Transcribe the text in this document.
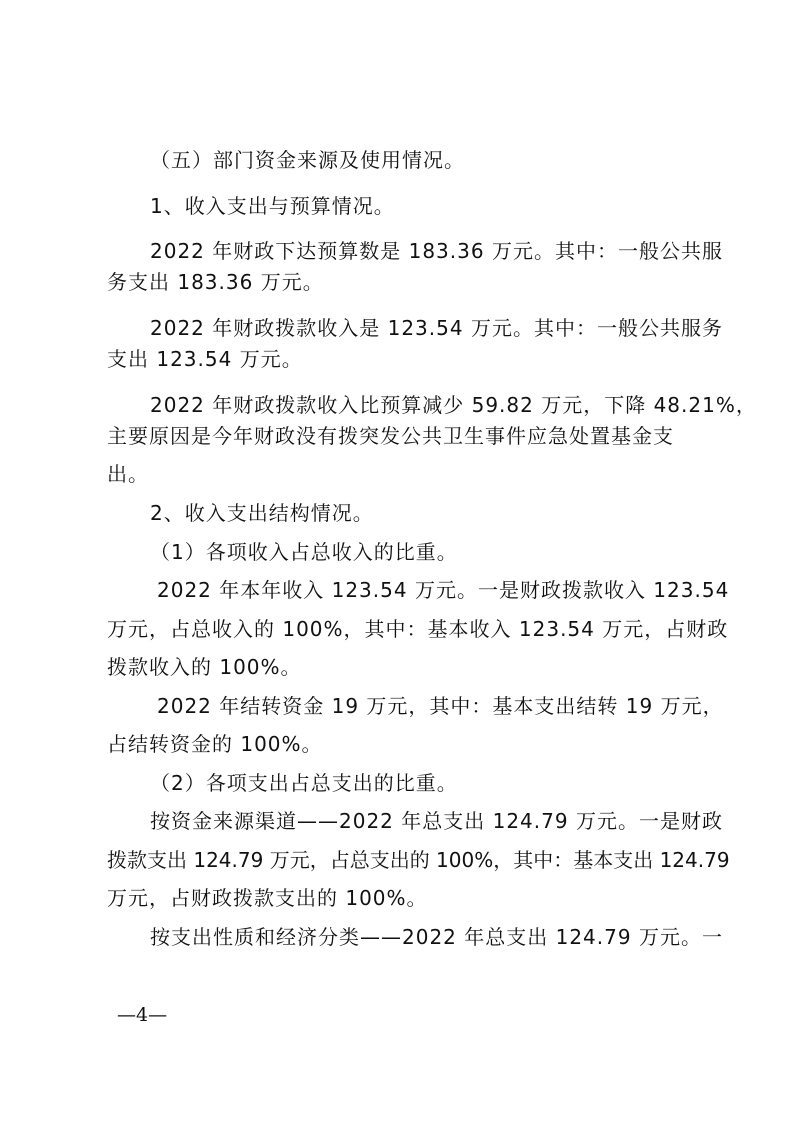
（五）部门资金来源及使用情况。
1、收入支出与预算情况。
2022 年财政下达预算数是 183.36 万元。其中：一般公共服
务支出 183.36 万元。
2022 年财政拨款收入是 123.54 万元。其中：一般公共服务
支出 123.54 万元。
2022 年财政拨款收入比预算减少 59.82 万元，下降 48.21%，
主要原因是今年财政没有拨突发公共卫生事件应急处置基金支
出。
2、收入支出结构情况。
（1）各项收入占总收入的比重。
2022 年本年收入 123.54 万元。一是财政拨款收入 123.54
万元，占总收入的 100%，其中：基本收入 123.54 万元，占财政
拨款收入的 100%。
2022 年结转资金 19 万元，其中：基本支出结转 19 万元，
占结转资金的 100%。
（2）各项支出占总支出的比重。
按资金来源渠道——2022 年总支出 124.79 万元。一是财政
拨款支出 124.79 万元，占总支出的 100%，其中：基本支出 124.79
万元，占财政拨款支出的 100%。
按支出性质和经济分类——2022 年总支出 124.79 万元。一
—4—
